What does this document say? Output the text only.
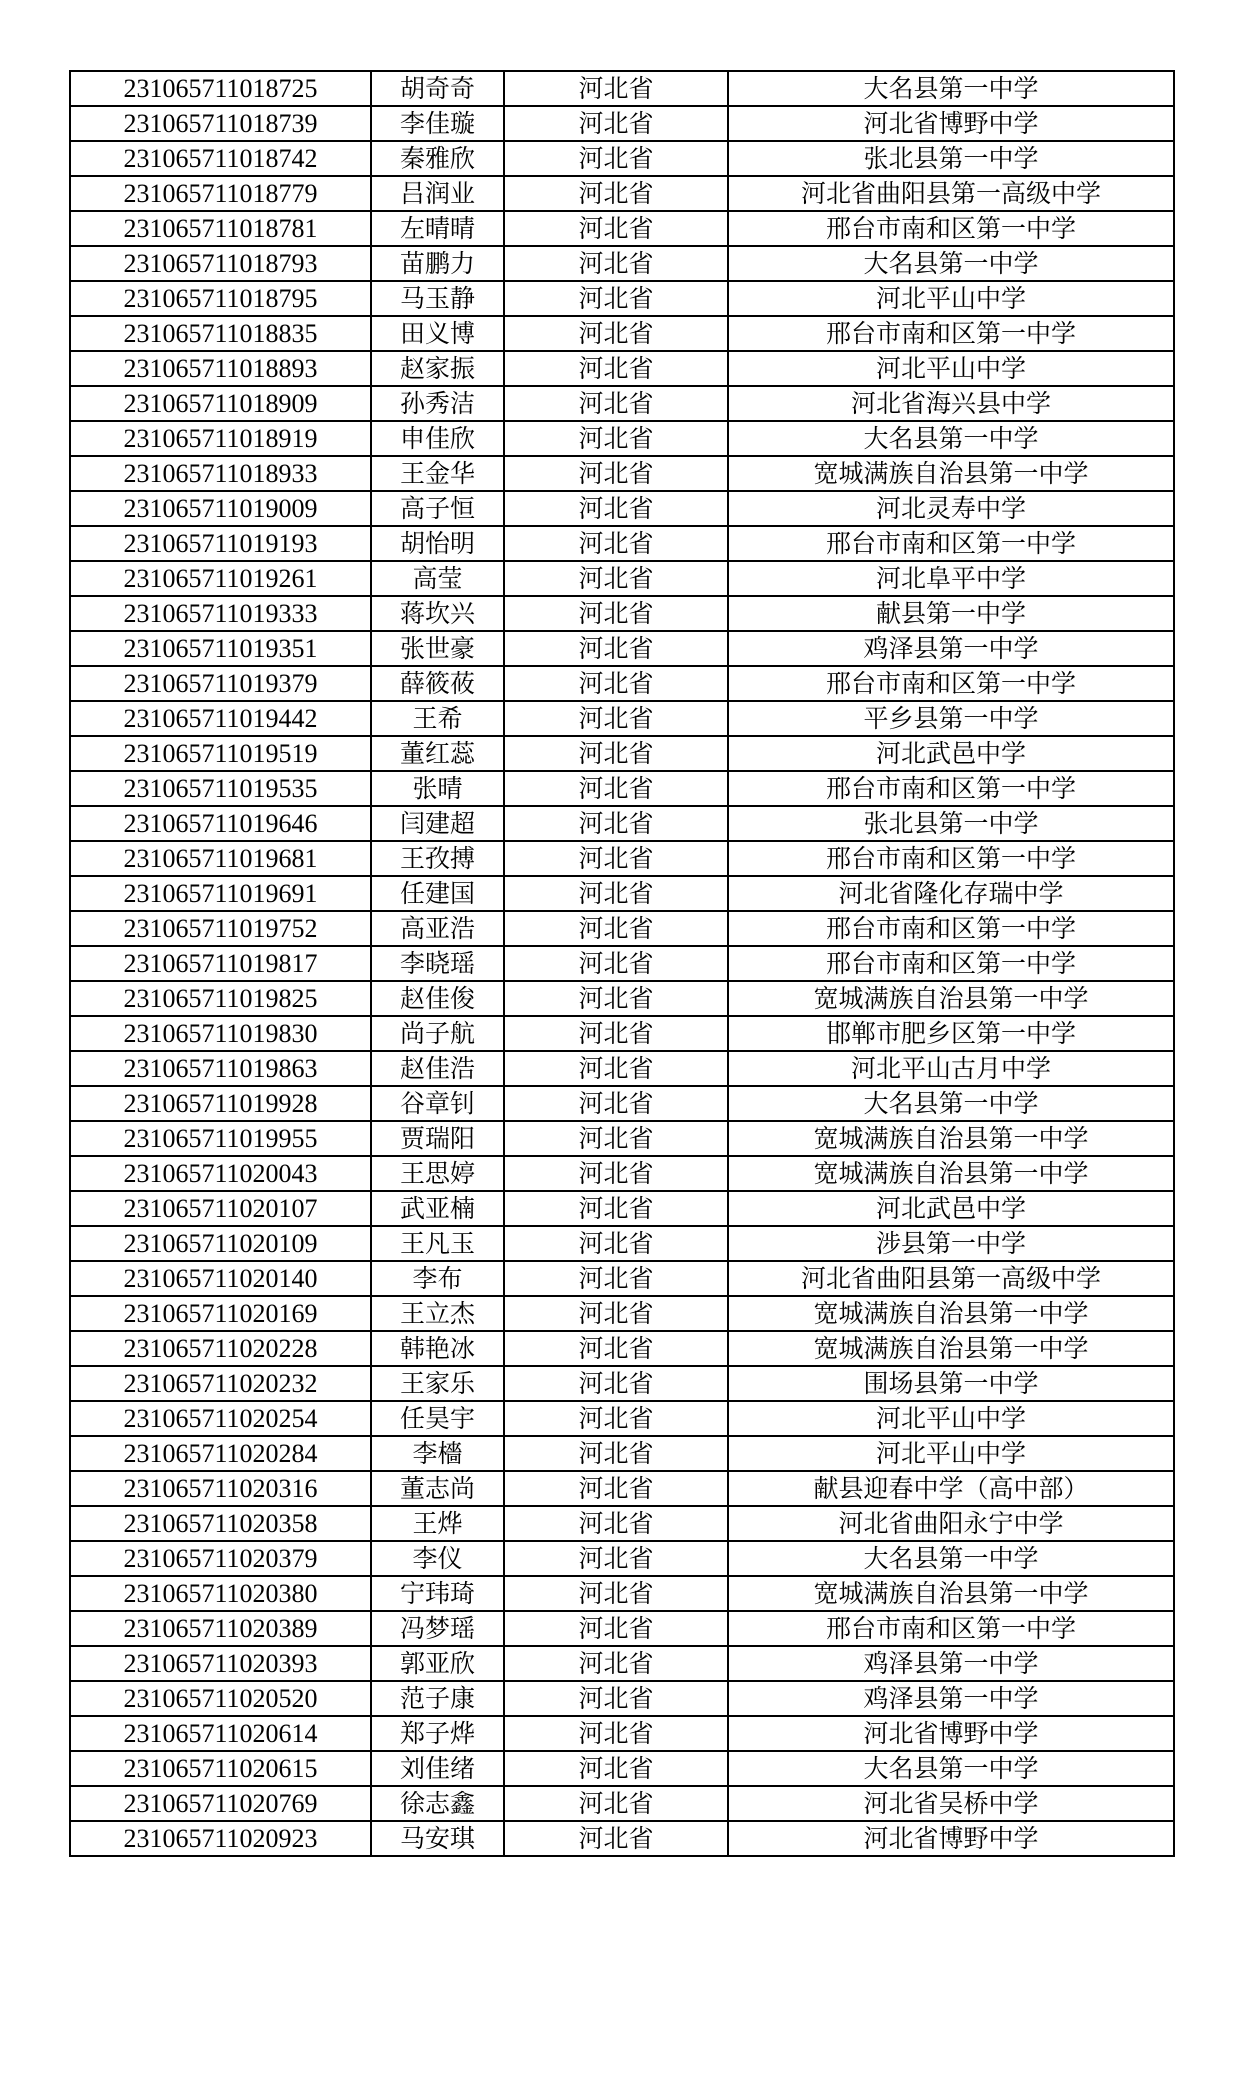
231065711018725	胡奇奇	河北省	大名县第一中学
231065711018739	李佳璇	河北省	河北省博野中学
231065711018742	秦雅欣	河北省	张北县第一中学
231065711018779	吕润业	河北省	河北省曲阳县第一高级中学
231065711018781	左晴晴	河北省	邢台市南和区第一中学
231065711018793	苗鹏力	河北省	大名县第一中学
231065711018795	马玉静	河北省	河北平山中学
231065711018835	田义博	河北省	邢台市南和区第一中学
231065711018893	赵家振	河北省	河北平山中学
231065711018909	孙秀洁	河北省	河北省海兴县中学
231065711018919	申佳欣	河北省	大名县第一中学
231065711018933	王金华	河北省	宽城满族自治县第一中学
231065711019009	高子恒	河北省	河北灵寿中学
231065711019193	胡怡明	河北省	邢台市南和区第一中学
231065711019261	高莹	河北省	河北阜平中学
231065711019333	蒋坎兴	河北省	献县第一中学
231065711019351	张世豪	河北省	鸡泽县第一中学
231065711019379	薛筱莜	河北省	邢台市南和区第一中学
231065711019442	王希	河北省	平乡县第一中学
231065711019519	董红蕊	河北省	河北武邑中学
231065711019535	张晴	河北省	邢台市南和区第一中学
231065711019646	闫建超	河北省	张北县第一中学
231065711019681	王孜搏	河北省	邢台市南和区第一中学
231065711019691	任建国	河北省	河北省隆化存瑞中学
231065711019752	高亚浩	河北省	邢台市南和区第一中学
231065711019817	李晓瑶	河北省	邢台市南和区第一中学
231065711019825	赵佳俊	河北省	宽城满族自治县第一中学
231065711019830	尚子航	河北省	邯郸市肥乡区第一中学
231065711019863	赵佳浩	河北省	河北平山古月中学
231065711019928	谷章钊	河北省	大名县第一中学
231065711019955	贾瑞阳	河北省	宽城满族自治县第一中学
231065711020043	王思婷	河北省	宽城满族自治县第一中学
231065711020107	武亚楠	河北省	河北武邑中学
231065711020109	王凡玉	河北省	涉县第一中学
231065711020140	李布	河北省	河北省曲阳县第一高级中学
231065711020169	王立杰	河北省	宽城满族自治县第一中学
231065711020228	韩艳冰	河北省	宽城满族自治县第一中学
231065711020232	王家乐	河北省	围场县第一中学
231065711020254	任昊宇	河北省	河北平山中学
231065711020284	李檣	河北省	河北平山中学
231065711020316	董志尚	河北省	献县迎春中学（高中部）
231065711020358	王烨	河北省	河北省曲阳永宁中学
231065711020379	李仪	河北省	大名县第一中学
231065711020380	宁玮琦	河北省	宽城满族自治县第一中学
231065711020389	冯梦瑶	河北省	邢台市南和区第一中学
231065711020393	郭亚欣	河北省	鸡泽县第一中学
231065711020520	范子康	河北省	鸡泽县第一中学
231065711020614	郑子烨	河北省	河北省博野中学
231065711020615	刘佳绪	河北省	大名县第一中学
231065711020769	徐志鑫	河北省	河北省吴桥中学
231065711020923	马安琪	河北省	河北省博野中学
